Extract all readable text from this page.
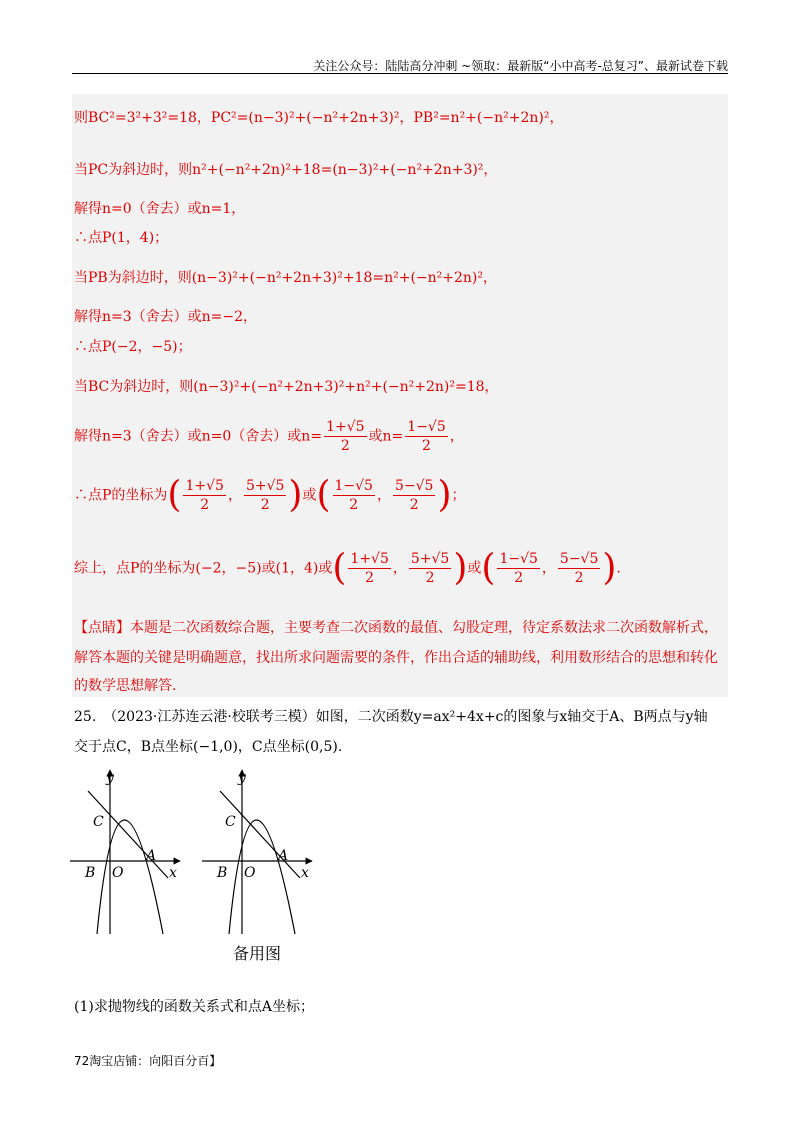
关注公众号：陆陆高分冲刺 ~领取：最新版“小中高考-总复习”、最新试卷下载
则BC²=3²+3²=18，PC²=(n−3)²+(−n²+2n+3)²，PB²=n²+(−n²+2n)²，
当PC为斜边时，则n²+(−n²+2n)²+18=(n−3)²+(−n²+2n+3)²，
解得n=0（舍去）或n=1，
∴点P(1，4)；
当PB为斜边时，则(n−3)²+(−n²+2n+3)²+18=n²+(−n²+2n)²，
解得n=3（舍去）或n=−2，
∴点P(−2，−5)；
当BC为斜边时，则(n−3)²+(−n²+2n+3)²+n²+(−n²+2n)²=18，
解得n=3（舍去）或n=0（舍去）或$n= \frac{1+√5}{2}$ 或$n= \frac{1-√5}{2}$ ，
∴点P的坐标为( $\frac{1+√5}{2}$ ， $\frac{5+√5}{2}$ )或( $\frac{1-√5}{2}$ ， $\frac{5-√5}{2}$ )；
综上，点P的坐标为(−2，−5)或(1，4)或( $\frac{1+√5}{2}$ ， $\frac{5+√5}{2}$ )或( $\frac{1-√5}{2}$ ， $\frac{5-√5}{2}$ ).
【点睛】本题是二次函数综合题，主要考查二次函数的最值、勾股定理，待定系数法求二次函数解析式，
解答本题的关键是明确题意，找出所求问题需要的条件，作出合适的辅助线，利用数形结合的思想和转化
的数学思想解答.
25.　（2023·江苏连云港·校联考三模）如图，二次函数y=ax²+4x+c的图象与x轴交于A、B两点与y轴
交于点C，B点坐标(−1,0)，C点坐标(0,5).
y
C
A
B O	x
y
C
A
B O	x
备用图
(1)求抛物线的函数关系式和点A坐标；
72淘宝店铺：向阳百分百】
